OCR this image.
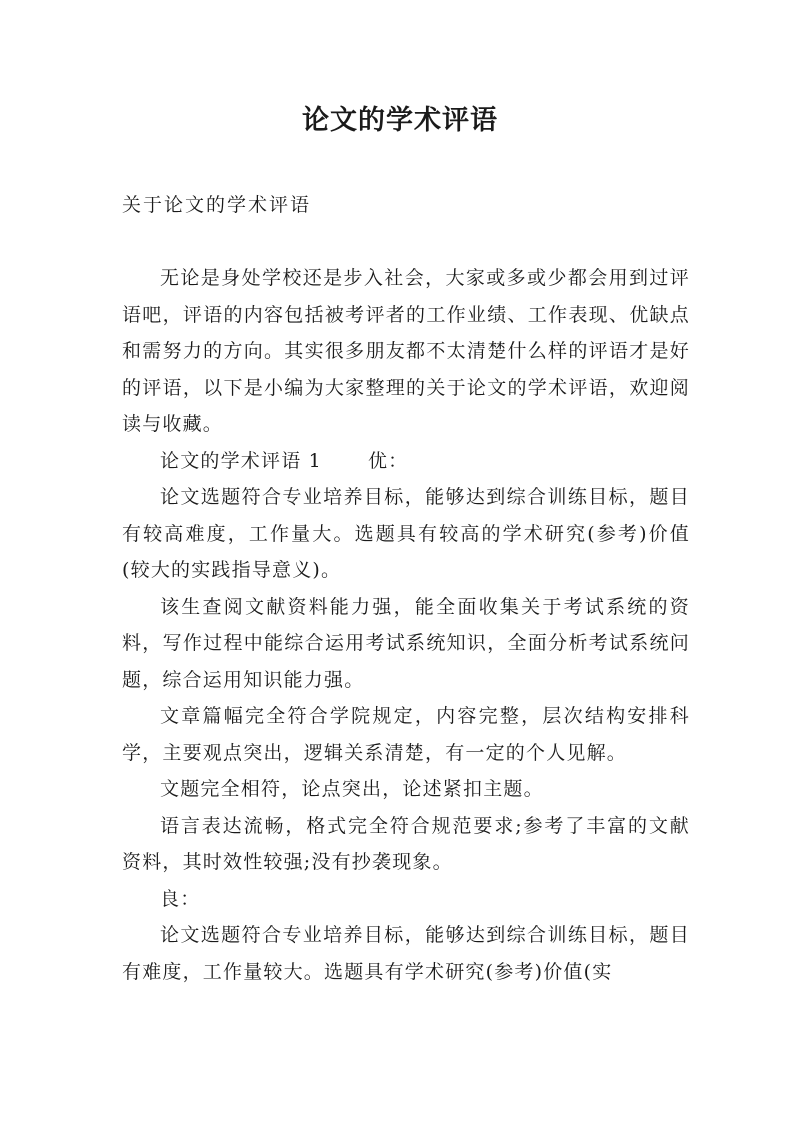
论文的学术评语

关于论文的学术评语

无论是身处学校还是步入社会，大家或多或少都会用到过评语吧，评语的内容包括被考评者的工作业绩、工作表现、优缺点和需努力的方向。其实很多朋友都不太清楚什么样的评语才是好的评语，以下是小编为大家整理的关于论文的学术评语，欢迎阅读与收藏。

论文的学术评语 1 优：

论文选题符合专业培养目标，能够达到综合训练目标，题目有较高难度，工作量大。选题具有较高的学术研究(参考)价值(较大的实践指导意义)。

该生查阅文献资料能力强，能全面收集关于考试系统的资料，写作过程中能综合运用考试系统知识，全面分析考试系统问题，综合运用知识能力强。

文章篇幅完全符合学院规定，内容完整，层次结构安排科学，主要观点突出，逻辑关系清楚，有一定的个人见解。

文题完全相符，论点突出，论述紧扣主题。

语言表达流畅，格式完全符合规范要求;参考了丰富的文献资料，其时效性较强;没有抄袭现象。

良：

论文选题符合专业培养目标，能够达到综合训练目标，题目有难度，工作量较大。选题具有学术研究(参考)价值(实
